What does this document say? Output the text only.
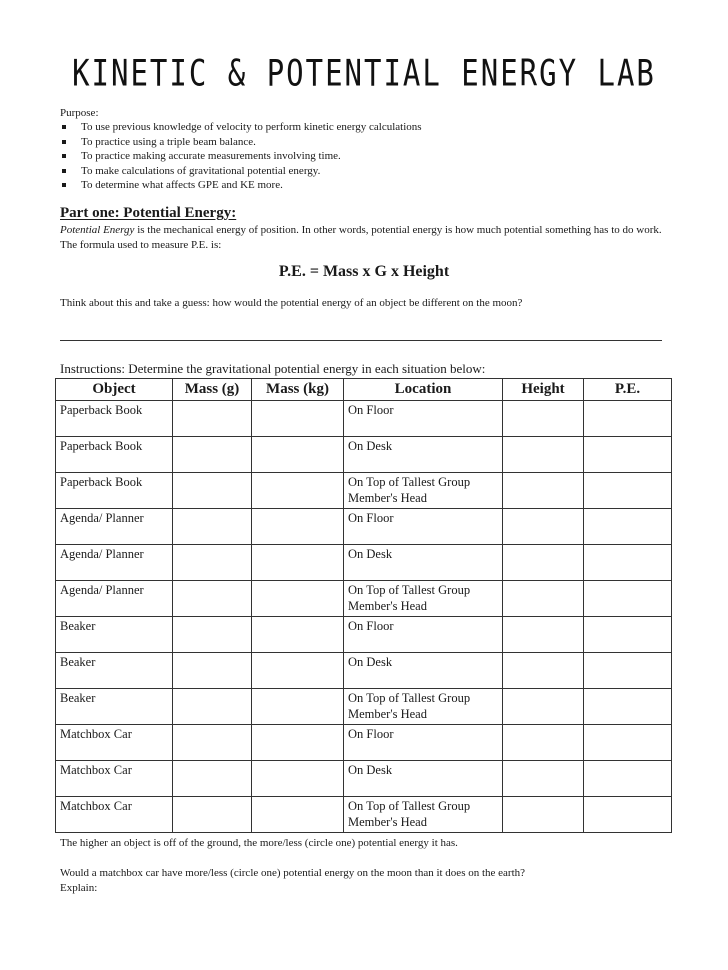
KINETIC & POTENTIAL ENERGY LAB
Purpose:
To use previous knowledge of velocity to perform kinetic energy calculations
To practice using a triple beam balance.
To practice making accurate measurements involving time.
To make calculations of gravitational potential energy.
To determine what affects GPE and KE more.
Part one: Potential Energy:
Potential Energy is the mechanical energy of position. In other words, potential energy is how much potential something has to do work. The formula used to measure P.E. is:
P.E. = Mass x G x Height
Think about this and take a guess: how would the potential energy of an object be different on the moon?
Instructions: Determine the gravitational potential energy in each situation below:
Object	Mass (g)	Mass (kg)	Location	Height	P.E.
Paperback Book			On Floor		
Paperback Book			On Desk		
Paperback Book			On Top of Tallest Group Member's Head		
Agenda/ Planner			On Floor		
Agenda/ Planner			On Desk		
Agenda/ Planner			On Top of Tallest Group Member's Head		
Beaker			On Floor		
Beaker			On Desk		
Beaker			On Top of Tallest Group Member's Head		
Matchbox Car			On Floor		
Matchbox Car			On Desk		
Matchbox Car			On Top of Tallest Group Member's Head		
The higher an object is off of the ground, the more/less (circle one) potential energy it has.
Would a matchbox car have more/less (circle one) potential energy on the moon than it does on the earth?
Explain:
